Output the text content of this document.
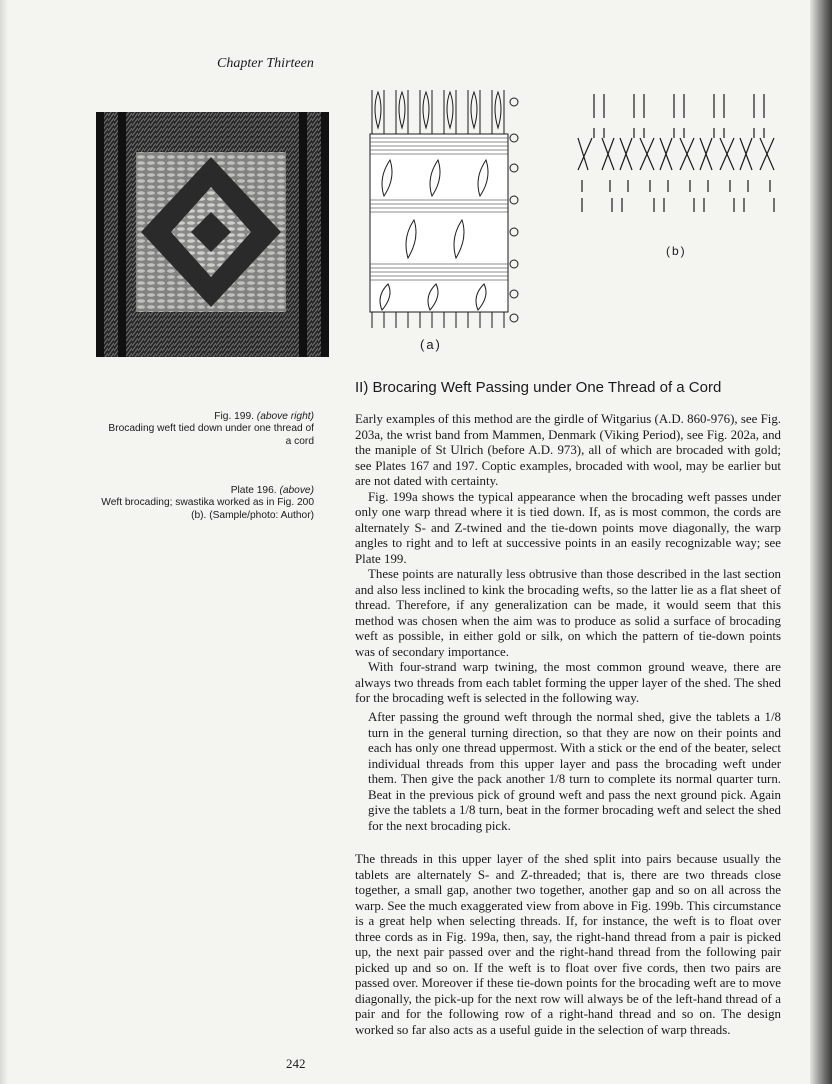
Chapter Thirteen
(a)
(b)
II) Brocaring Weft Passing under One Thread of a Cord
Fig. 199. (above right)
Brocading weft tied down under one thread of a cord
Plate 196. (above)
Weft brocading; swastika worked as in Fig. 200 (b). (Sample/photo: Author)

Early examples of this method are the girdle of Witgarius (A.D. 860-976), see Fig. 203a, the wrist band from Mammen, Denmark (Viking Period), see Fig. 202a, and the maniple of St Ulrich (before A.D. 973), all of which are brocaded with gold; see Plates 167 and 197. Coptic examples, brocaded with wool, may be earlier but are not dated with certainty.

Fig. 199a shows the typical appearance when the brocading weft passes under only one warp thread where it is tied down. If, as is most common, the cords are alternately S- and Z-twined and the tie-down points move diagonally, the warp angles to right and to left at successive points in an easily recognizable way; see Plate 199.

These points are naturally less obtrusive than those described in the last section and also less inclined to kink the brocading wefts, so the latter lie as a flat sheet of thread. Therefore, if any generalization can be made, it would seem that this method was chosen when the aim was to produce as solid a surface of brocading weft as possible, in either gold or silk, on which the pattern of tie-down points was of secondary importance.

With four-strand warp twining, the most common ground weave, there are always two threads from each tablet forming the upper layer of the shed. The shed for the brocading weft is selected in the following way.

After passing the ground weft through the normal shed, give the tablets a 1/8 turn in the general turning direction, so that they are now on their points and each has only one thread uppermost. With a stick or the end of the beater, select individual threads from this upper layer and pass the brocading weft under them. Then give the pack another 1/8 turn to complete its normal quarter turn. Beat in the previous pick of ground weft and pass the next ground pick. Again give the tablets a 1/8 turn, beat in the former brocading weft and select the shed for the next brocading pick.

The threads in this upper layer of the shed split into pairs because usually the tablets are alternately S- and Z-threaded; that is, there are two threads close together, a small gap, another two together, another gap and so on all across the warp. See the much exaggerated view from above in Fig. 199b. This circumstance is a great help when selecting threads. If, for instance, the weft is to float over three cords as in Fig. 199a, then, say, the right-hand thread from a pair is picked up, the next pair passed over and the right-hand thread from the following pair picked up and so on. If the weft is to float over five cords, then two pairs are passed over. Moreover if these tie-down points for the brocading weft are to move diagonally, the pick-up for the next row will always be of the left-hand thread of a pair and for the following row of a right-hand thread and so on. The design worked so far also acts as a useful guide in the selection of warp threads.

242
